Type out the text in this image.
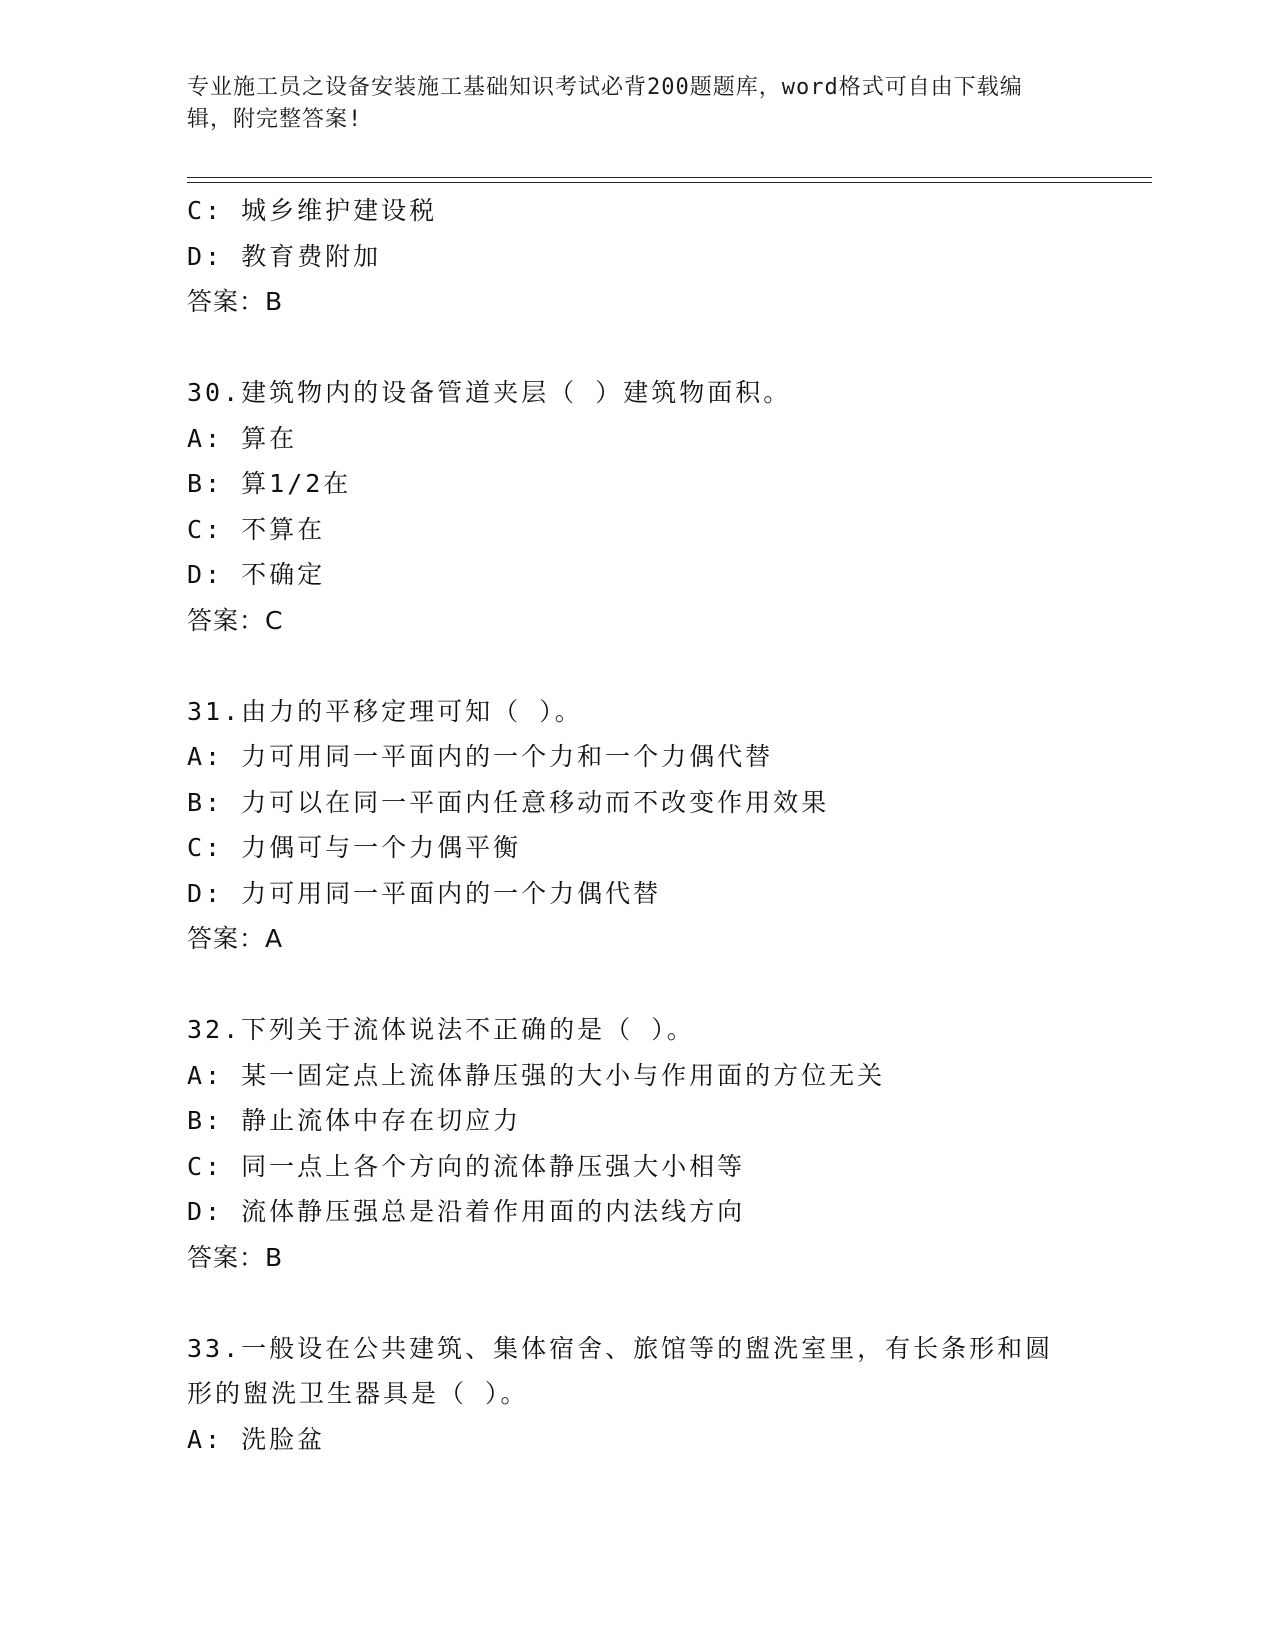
专业施工员之设备安装施工基础知识考试必背200题题库，word格式可自由下载编辑，附完整答案!
C: 城乡维护建设税
D: 教育费附加
答案：B
30.建筑物内的设备管道夹层（ ）建筑物面积。
A: 算在
B: 算1/2在
C: 不算在
D: 不确定
答案：C
31.由力的平移定理可知（ ）。
A: 力可用同一平面内的一个力和一个力偶代替
B: 力可以在同一平面内任意移动而不改变作用效果
C: 力偶可与一个力偶平衡
D: 力可用同一平面内的一个力偶代替
答案：A
32.下列关于流体说法不正确的是（ ）。
A: 某一固定点上流体静压强的大小与作用面的方位无关
B: 静止流体中存在切应力
C: 同一点上各个方向的流体静压强大小相等
D: 流体静压强总是沿着作用面的内法线方向
答案：B
33.一般设在公共建筑、集体宿舍、旅馆等的盥洗室里，有长条形和圆形的盥洗卫生器具是（ ）。
A: 洗脸盆
